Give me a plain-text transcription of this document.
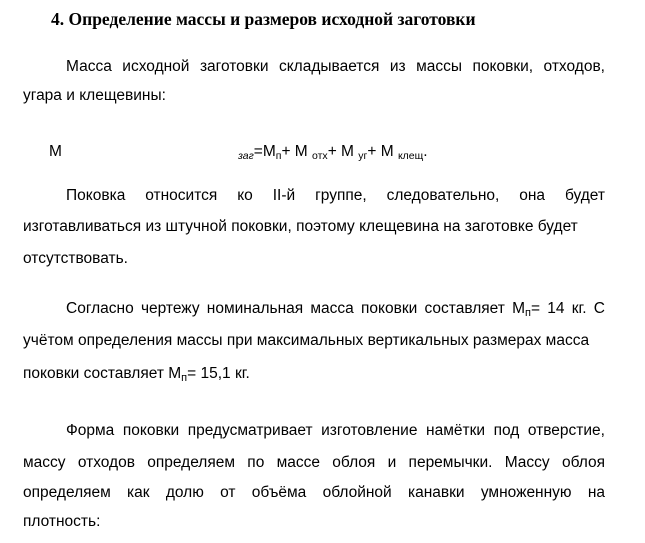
4. Определение массы и размеров исходной заготовки
Масса исходной заготовки складывается из массы поковки, отходов,
угара и клещевины:
М	$заг=М_п+ М$ $_{отх}$+ М $_{уг}$+ М $_{клещ}$.
Поковка относится ко II-й группе, следовательно, она будет
изготавливаться из штучной поковки, поэтому клещевина на заготовке будет
отсутствовать.
Согласно чертежу номинальная масса поковки составляет Мп= 14 кг. С
учётом определения массы при максимальных вертикальных размерах масса
поковки составляет Мп= 15,1 кг.
Форма поковки предусматривает изготовление намётки под отверстие,
массу отходов определяем по массе облоя и перемычки. Массу облоя
определяем как долю от объёма облойной канавки умноженную на
плотность:
